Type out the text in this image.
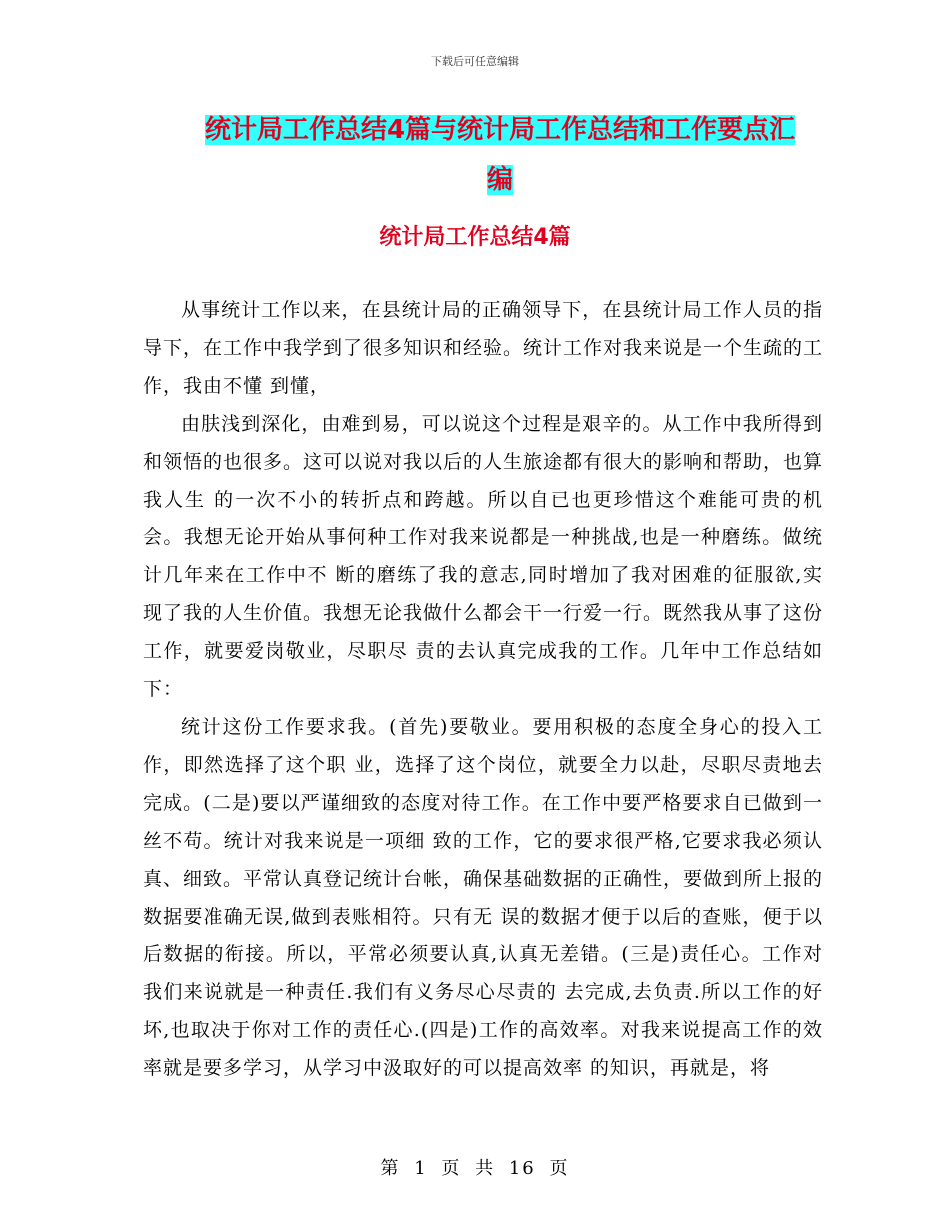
下载后可任意编辑
统计局工作总结4篇与统计局工作总结和工作要点汇
编
统计局工作总结4篇

从事统计工作以来，在县统计局的正确领导下，在县统计局工作人员的指导下，在工作中我学到了很多知识和经验。统计工作对我来说是一个生疏的工作，我由不懂 到懂，

由肤浅到深化，由难到易，可以说这个过程是艰辛的。从工作中我所得到和领悟的也很多。这可以说对我以后的人生旅途都有很大的影响和帮助，也算我人生 的一次不小的转折点和跨越。所以自已也更珍惜这个难能可贵的机会。我想无论开始从事何种工作对我来说都是一种挑战,也是一种磨练。做统计几年来在工作中不 断的磨练了我的意志,同时增加了我对困难的征服欲,实现了我的人生价值。我想无论我做什么都会干一行爱一行。既然我从事了这份工作，就要爱岗敬业，尽职尽 责的去认真完成我的工作。几年中工作总结如下：

统计这份工作要求我。(首先)要敬业。要用积极的态度全身心的投入工作，即然选择了这个职 业，选择了这个岗位，就要全力以赴，尽职尽责地去完成。(二是)要以严谨细致的态度对待工作。在工作中要严格要求自已做到一丝不苟。统计对我来说是一项细 致的工作，它的要求很严格,它要求我必须认真、细致。平常认真登记统计台帐，确保基础数据的正确性，要做到所上报的数据要准确无误,做到表账相符。只有无 误的数据才便于以后的查账，便于以后数据的衔接。所以，平常必须要认真,认真无差错。(三是)责任心。工作对我们来说就是一种责任.我们有义务尽心尽责的 去完成,去负责.所以工作的好坏,也取决于你对工作的责任心.(四是)工作的高效率。对我来说提高工作的效率就是要多学习，从学习中汲取好的可以提高效率 的知识，再就是，将

第 1 页 共 16 页
